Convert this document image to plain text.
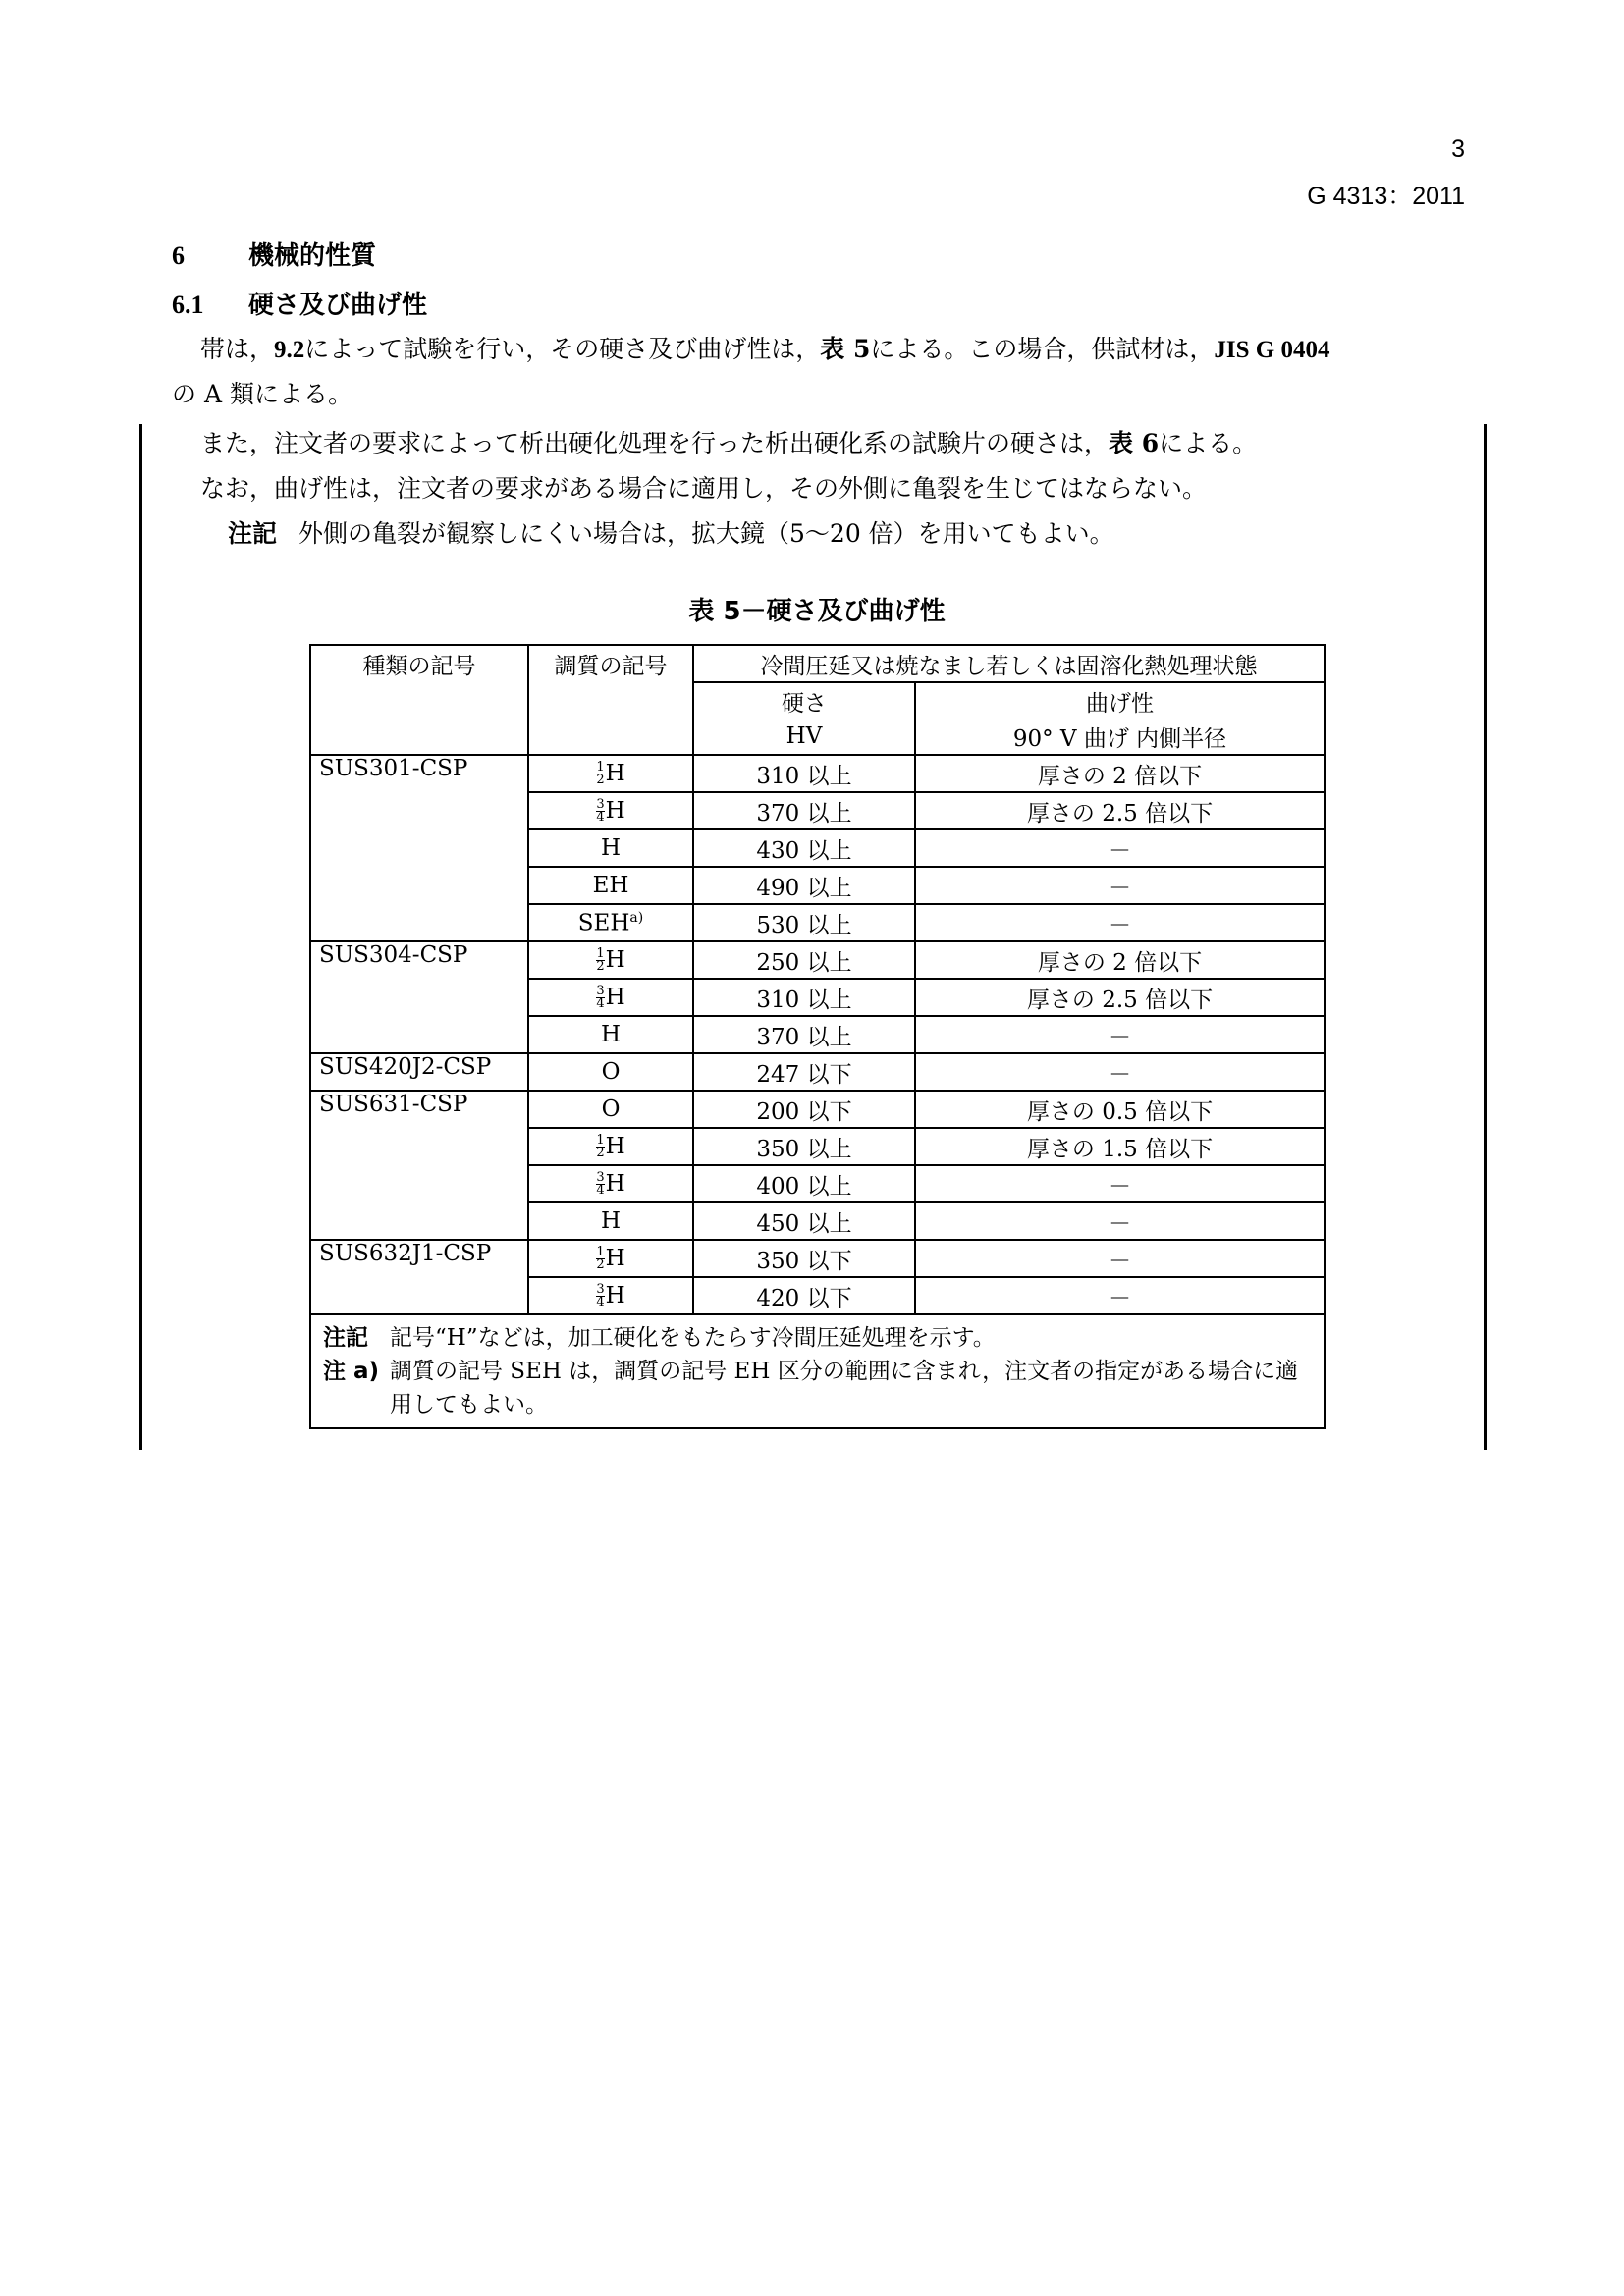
3
G 4313：2011
6	機械的性質
6.1 硬さ及び曲げ性
帯は，9.2によって試験を行い，その硬さ及び曲げ性は，表 5による。この場合，供試材は，JIS G 0404
の A 類による。
また，注文者の要求によって析出硬化処理を行った析出硬化系の試験片の硬さは，表 6による。
なお，曲げ性は，注文者の要求がある場合に適用し，その外側に亀裂を生じてはならない。
注記 外側の亀裂が観察しにくい場合は，拡大鏡（5～20 倍）を用いてもよい。
表 5－硬さ及び曲げ性
種類の記号	調質の記号	冷間圧延又は焼なまし若しくは固溶化熱処理状態	
		硬さ	曲げ性
		HV	90° V 曲げ 内側半径
SUS301-CSP	$\frac{1}{2}$ H	310 以上	厚さの 2 倍以下

	$\frac{3}{4}$ H	370 以上	厚さの 2.5 倍以下
	H	430 以上	－
	EH	490 以上	－
	SEH$^{a)}$	530 以上	－
SUS304-CSP	$\frac{1}{2}$ H	250 以上	厚さの 2 倍以下

	$\frac{3}{4}$ H	310 以上	厚さの 2.5 倍以下
	H	370 以上	－
SUS420J2-CSP	O	247 以下	－
SUS631-CSP	O	200 以下	厚さの 0.5 倍以下

	$\frac{1}{2}$ H	350 以上	厚さの 1.5 倍以下

	$\frac{3}{4}$ H	400 以上	－
	H	450 以上	－
SUS632J1-CSP	$\frac{1}{2}$ H	350 以下	－

	$\frac{3}{4}$ H	420 以下	－

注記 記号“H”などは，加工硬化をもたらす冷間圧延処理を示す。
注 a) 調質の記号 SEH は，調質の記号 EH 区分の範囲に含まれ，注文者の指定がある場合に適用してもよい。			
